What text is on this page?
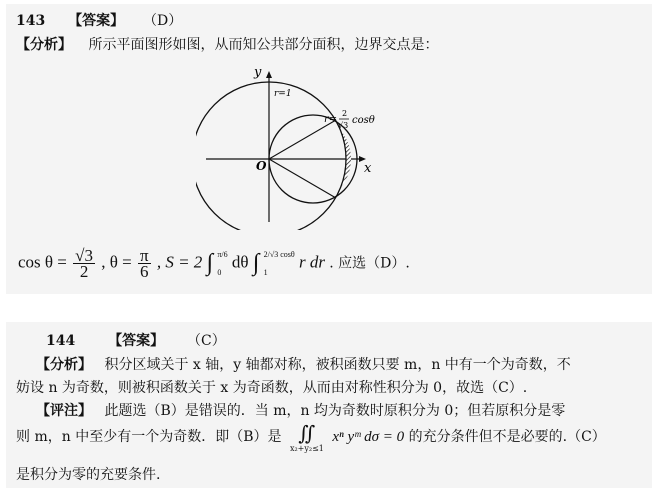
143 【答案】 （D）
【分析】 所示平面图形如图，从而知公共部分面积，边界交点是：
y
x
O
r=1
r=
2
√3 cosθ
$\cos \theta = \frac{√3}{2}$ , $\theta = \frac{\pi}{6}$ , S = 2 ∫ π/6
0
dθ ∫ 2/√3 cosθ
1
r dr . 应选（D）.
144 【答案】 （C）
【分析】 积分区域关于 x 轴，y 轴都对称，被积函数只要 m，n 中有一个为奇数，不
妨设 n 为奇数，则被积函数关于 x 为奇函数，从而由对称性积分为 0，故选（C）.
【评注】 此题选（B）是错误的．当 m，n 均为奇数时原积分为 0；但若原积分是零
则 m，n 中至少有一个为奇数．即（B）是 ∬
x₂+y₂≤1
xⁿ yᵐ dσ = 0 的充分条件但不是必要的.（C）
是积分为零的充要条件.
